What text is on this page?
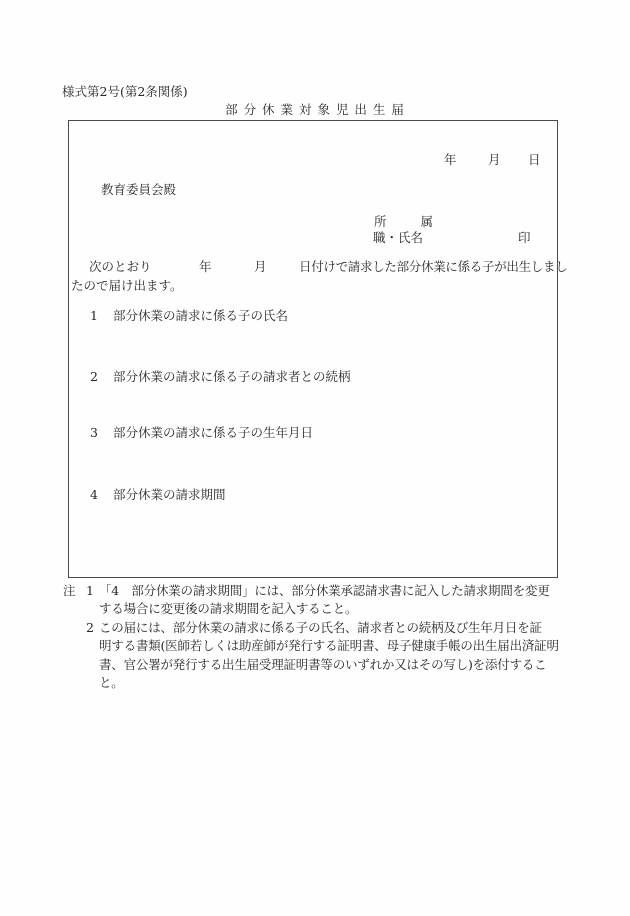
様式第2号(第2条関係)
部 分 休 業 対 象 児 出 生 届
年	月 日
教育委員会殿
所	属
職・氏名	印
次のとおり	年	月	日付けで請求した部分休業に係る子が出生しまし
たので届け出ます。
1 部分休業の請求に係る子の氏名
2 部分休業の請求に係る子の請求者との続柄
3 部分休業の請求に係る子の生年月日
4 部分休業の請求期間
注 1 「4　部分休業の請求期間」には、部分休業承認請求書に記入した請求期間を変更
する場合に変更後の請求期間を記入すること。
2 この届には、部分休業の請求に係る子の氏名、請求者との続柄及び生年月日を証
明する書類(医師若しくは助産師が発行する証明書、母子健康手帳の出生届出済証明
書、官公署が発行する出生届受理証明書等のいずれか又はその写し)を添付するこ
と。
